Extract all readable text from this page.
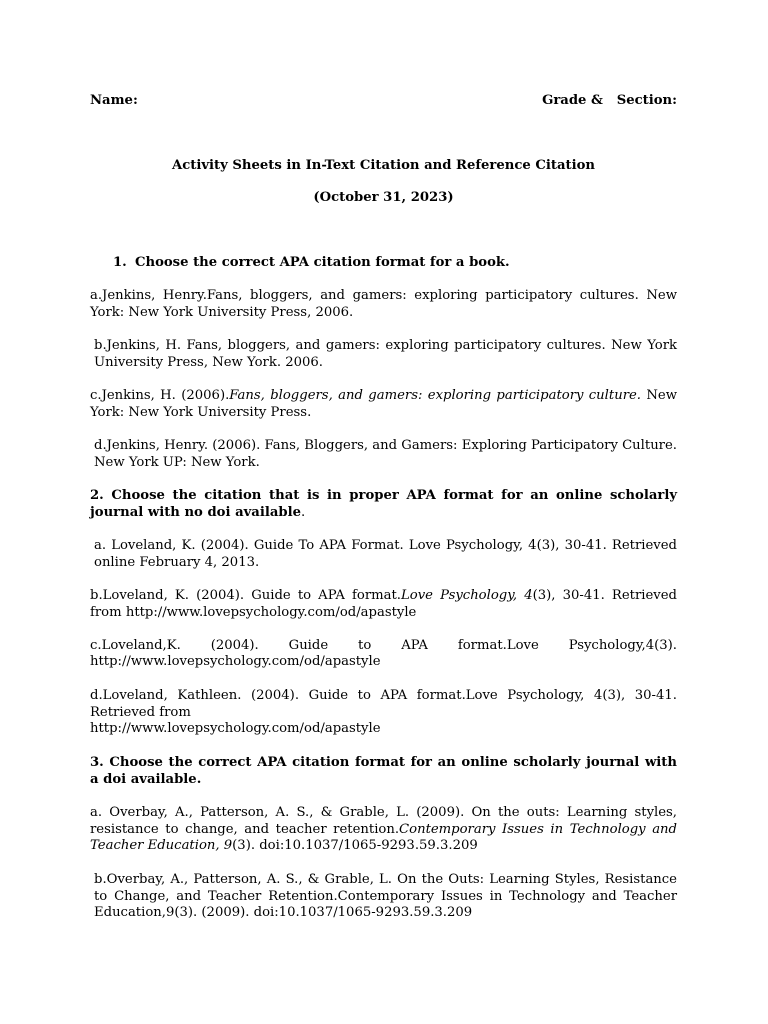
Name:	Grade &   Section:
Activity Sheets in In-Text Citation and Reference Citation
(October 31, 2023)
1. Choose the correct APA citation format for a book.

a.Jenkins, Henry.Fans, bloggers, and gamers: exploring participatory cultures. New York: New York University Press, 2006.

b.Jenkins, H. Fans, bloggers, and gamers: exploring participatory cultures. New York University Press, New York. 2006.

c.Jenkins, H. (2006).Fans, bloggers, and gamers: exploring participatory culture. New York: New York University Press.

d.Jenkins, Henry. (2006). Fans, Bloggers, and Gamers: Exploring Participatory Culture. New York UP: New York.

2. Choose the citation that is in proper APA format for an online scholarly journal with no doi available.

a. Loveland, K. (2004). Guide To APA Format. Love Psychology, 4(3), 30-41. Retrieved online February 4, 2013.

b.Loveland, K. (2004). Guide to APA format.Love Psychology, 4(3), 30-41. Retrieved from http://www.lovepsychology.com/od/apastyle

c.Loveland,K. (2004). Guide to APA format.Love Psychology,4(3).

http://www.lovepsychology.com/od/apastyle

d.Loveland, Kathleen. (2004). Guide to APA format.Love Psychology, 4(3), 30-41. Retrieved from

http://www.lovepsychology.com/od/apastyle

3. Choose the correct APA citation format for an online scholarly journal with a doi available.

a. Overbay, A., Patterson, A. S., & Grable, L. (2009). On the outs: Learning styles, resistance to change, and teacher retention.Contemporary Issues in Technology and Teacher Education, 9(3). doi:10.1037/1065-9293.59.3.209

b.Overbay, A., Patterson, A. S., & Grable, L. On the Outs: Learning Styles, Resistance to Change, and Teacher Retention.Contemporary Issues in Technology and Teacher Education,9(3). (2009). doi:10.1037/1065-9293.59.3.209
